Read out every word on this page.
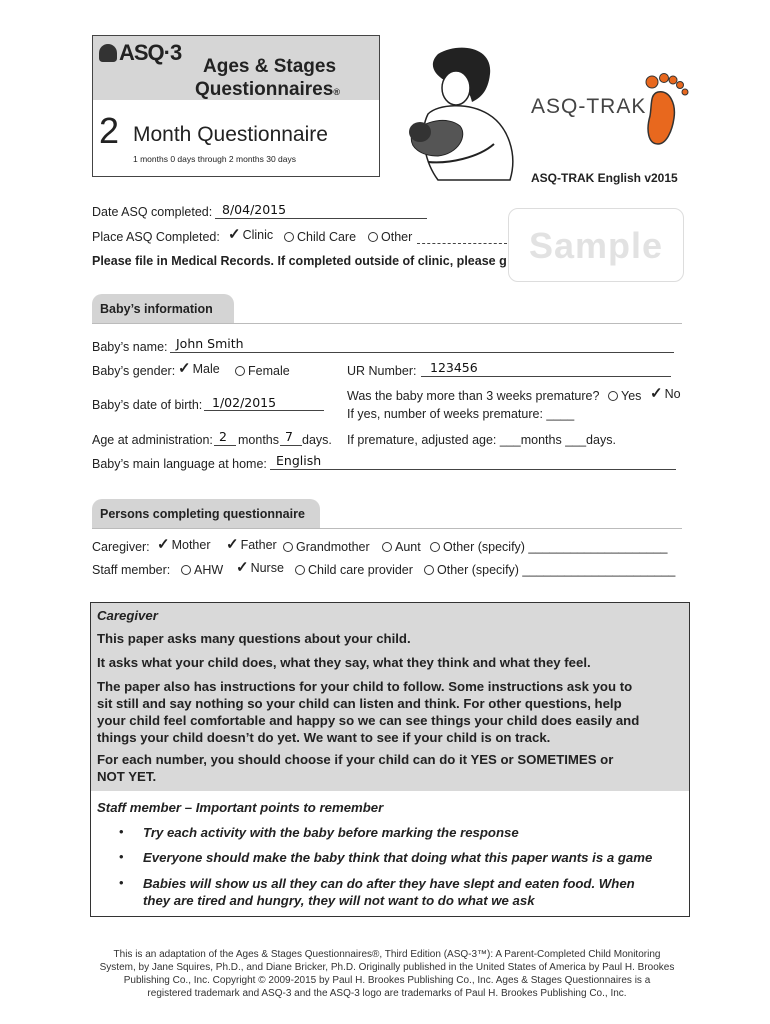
ASQ·3
Ages & Stages
Questionnaires®
2 Month Questionnaire
1 months 0 days through 2 months 30 days
ASQ-TRAK
ASQ-TRAK English v2015
Date ASQ completed: 8/04/2015
Place ASQ Completed: ✓ Clinic	Child Care	Other
Please file in Medical Records. If completed outside of clinic, please g Sample
Baby’s information
Baby’s name: John Smith
Baby’s gender: ✓ Male	Female	UR Number: 123456
Was the baby more than 3 weeks premature?	Yes ✓ No
If yes, number of weeks premature: ____
Baby’s date of birth: 1/02/2015
Age at administration: 2 months 7 days. If premature, adjusted age: ___months ___days.
Baby’s main language at home: English
Persons completing questionnaire
Caregiver: ✓ Mother ✓ Father	Grandmother	Aunt	Other (specify) ____________________
Staff member:	AHW ✓ Nurse	Child care provider	Other (specify) ______________________
Caregiver
This paper asks many questions about your child.
It asks what your child does, what they say, what they think and what they feel.
The paper also has instructions for your child to follow. Some instructions ask you to
sit still and say nothing so your child can listen and think. For other questions, help
your child feel comfortable and happy so we can see things your child does easily and
things your child doesn’t do yet. We want to see if your child is on track.
For each number, you should choose if your child can do it YES or SOMETIMES or
NOT YET.
Staff member – Important points to remember
• Try each activity with the baby before marking the response
• Everyone should make the baby think that doing what this paper wants is a game
• Babies will show us all they can do after they have slept and eaten food. When
they are tired and hungry, they will not want to do what we ask
This is an adaptation of the Ages & Stages Questionnaires®, Third Edition (ASQ-3™): A Parent-Completed Child Monitoring
System, by Jane Squires, Ph.D., and Diane Bricker, Ph.D. Originally published in the United States of America by Paul H. Brookes
Publishing Co., Inc. Copyright © 2009-2015 by Paul H. Brookes Publishing Co., Inc. Ages & Stages Questionnaires is a
registered trademark and ASQ-3 and the ASQ-3 logo are trademarks of Paul H. Brookes Publishing Co., Inc.
